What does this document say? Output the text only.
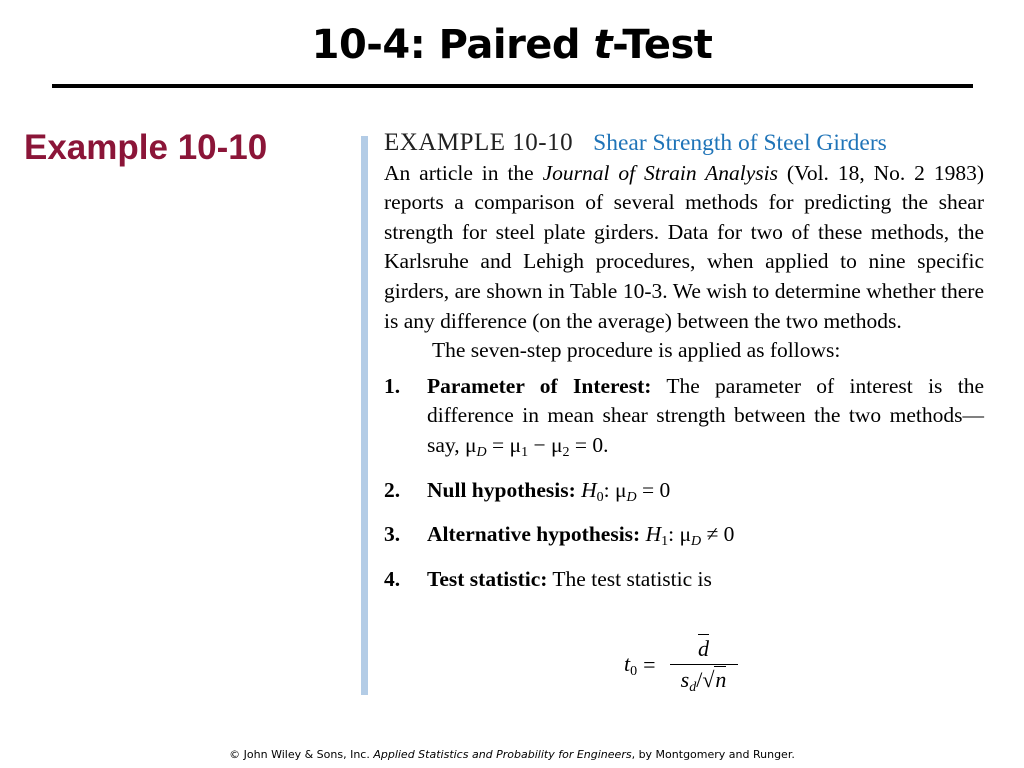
10-4: Paired t-Test
Example 10-10	EXAMPLE 10-10 Shear Strength of Steel Girders
An article in the Journal of Strain Analysis (Vol. 18, No. 2 1983) reports a comparison of several methods for predicting the shear strength for steel plate girders. Data for two of these methods, the Karlsruhe and Lehigh procedures, when applied to nine specific girders, are shown in Table 10-3. We wish to determine whether there is any difference (on the average) between the two methods.
The seven-step procedure is applied as follows:
1.	Parameter of Interest: The parameter of interest is the difference in mean shear strength between the two methods—say, $\mu_D = \mu_1 - \mu_2 = 0$.
2.	Null hypothesis: $H_0$: $\mu_D = 0$
3.	Alternative hypothesis: $H_1$: $\mu_D \ne 0$
4.	Test statistic: The test statistic is
$t_0 = \frac{d}{s_d/√n}$
© John Wiley & Sons, Inc. Applied Statistics and Probability for Engineers, by Montgomery and Runger.
